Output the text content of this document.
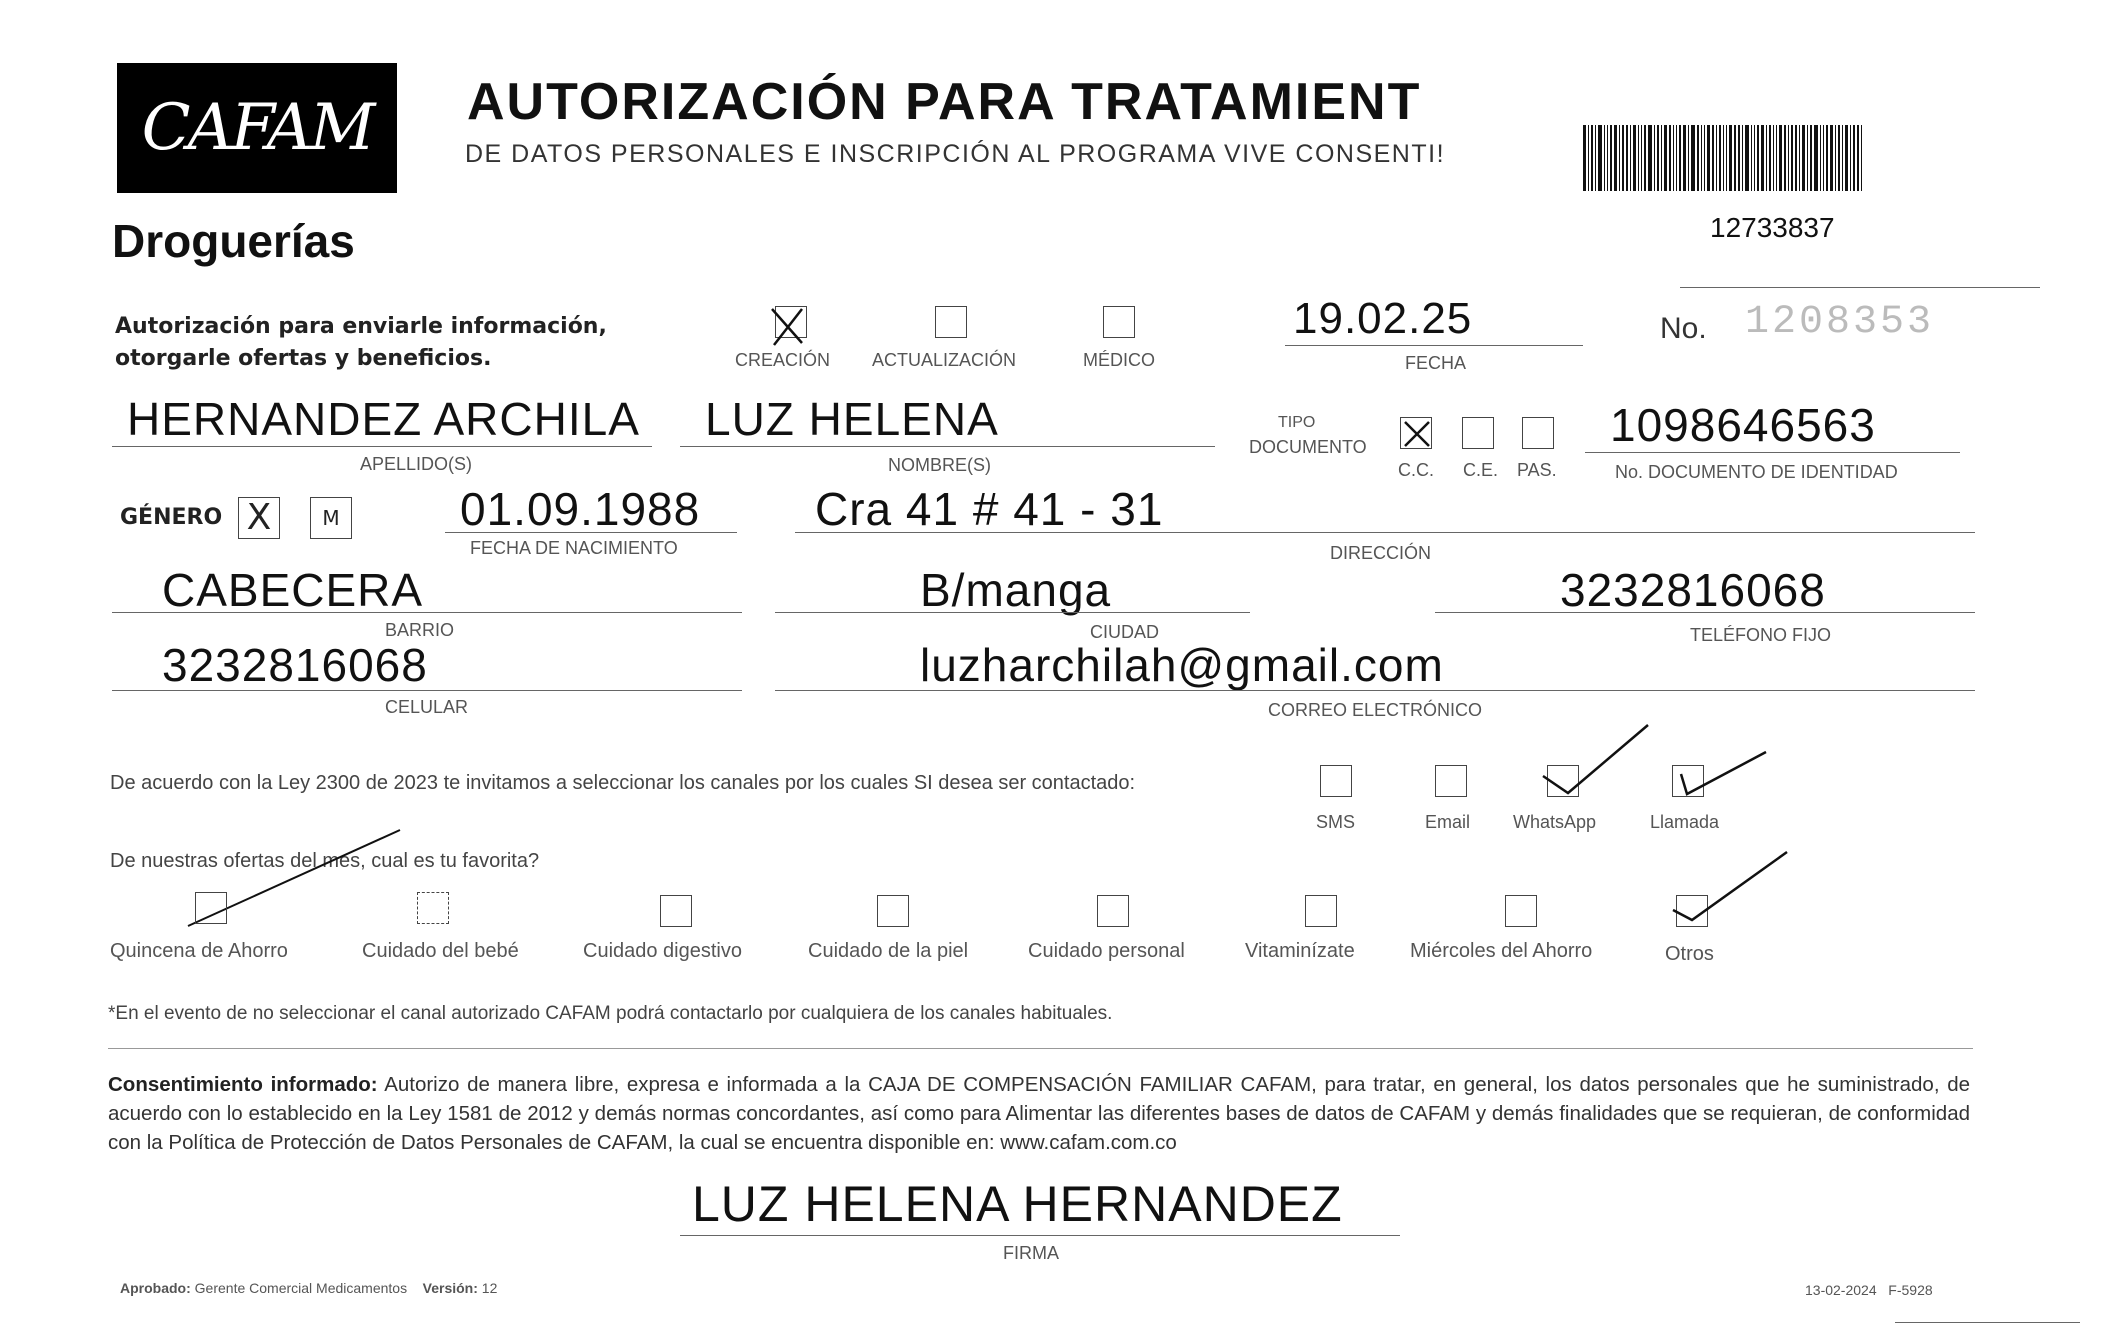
CAFAM
Droguerías
AUTORIZACIÓN PARA TRATAMIENT
DE DATOS PERSONALES E INSCRIPCIÓN AL PROGRAMA VIVE CONSENTI!
12733837
Autorización para enviarle información,
otorgarle ofertas y beneficios.	CREACIÓN ACTUALIZACIÓN	MÉDICO
19.02.25
FECHA
No. 1208353
HERNANDEZ ARCHILA
APELLIDO(S)
LUZ HELENA
NOMBRE(S)
TIPO
DOCUMENTO
C.C. C.E. PAS.
1098646563
No. DOCUMENTO DE IDENTIDAD
GÉNERO X	M	01.09.1988
FECHA DE NACIMIENTO
Cra 41 # 41 - 31
DIRECCIÓN
CABECERA
BARRIO
B/manga
CIUDAD
3232816068
TELÉFONO FIJO
3232816068
CELULAR
luzharchilah@gmail.com
CORREO ELECTRÓNICO
De acuerdo con la Ley 2300 de 2023 te invitamos a seleccionar los canales por los cuales SI desea ser contactado:
SMS	Email WhatsApp	Llamada
De nuestras ofertas del mes, cual es tu favorita?
Quincena de Ahorro	Cuidado del bebé	Cuidado digestivo	Cuidado de la piel	Cuidado personal	Vitaminízate	Miércoles del Ahorro	Otros
*En el evento de no seleccionar el canal autorizado CAFAM podrá contactarlo por cualquiera de los canales habituales.
Consentimiento informado: Autorizo de manera libre, expresa e informada a la CAJA DE COMPENSACIÓN FAMILIAR CAFAM, para tratar, en general, los datos personales que he suministrado, de acuerdo con lo establecido en la Ley 1581 de 2012 y demás normas concordantes, así como para Alimentar las diferentes bases de datos de CAFAM y demás finalidades que se requieran, de conformidad con la Política de Protección de Datos Personales de CAFAM, la cual se encuentra disponible en: www.cafam.com.co
LUZ HELENA HERNANDEZ
FIRMA
Aprobado: Gerente Comercial Medicamentos Versión: 12	13-02-2024 F-5928
